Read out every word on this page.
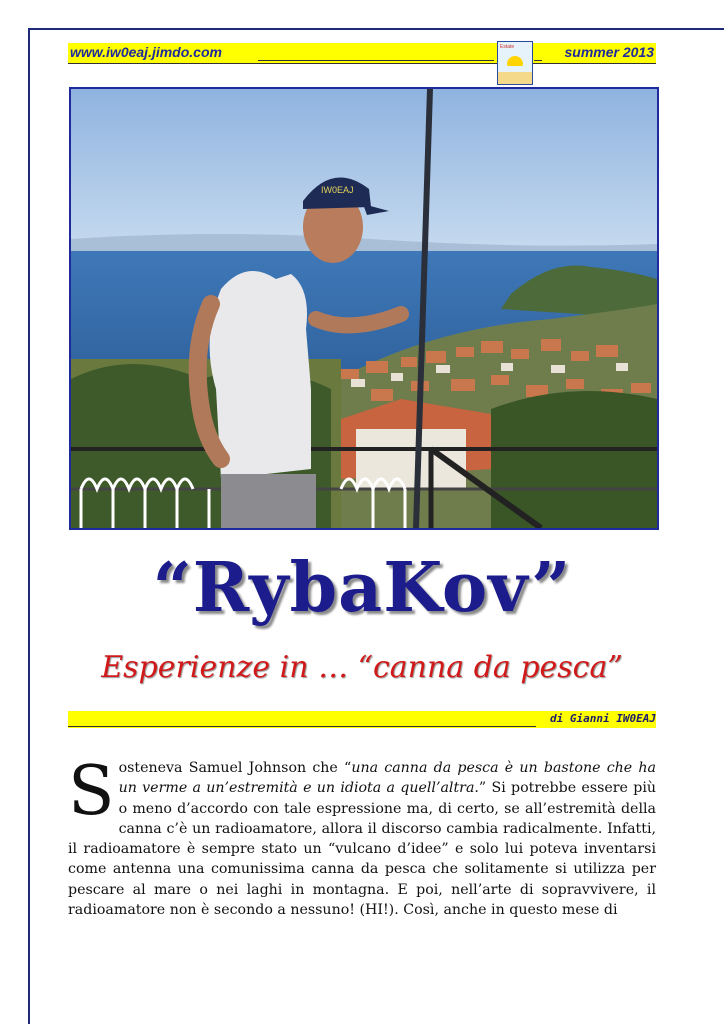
www.iw0eaj.jimdo.com	summer 2013
Estate
IW0EAJ
“RybaKov”
Esperienze in … “canna da pesca”
di Gianni IW0EAJ
Sosteneva Samuel Johnson che “una canna da pesca è un bastone che ha un verme a un’estremità e un idiota a quell’altra.” Si potrebbe essere più o meno d’accordo con tale espressione ma, di certo, se all’estremità della canna c’è un radioamatore, allora il discorso cambia radicalmente. Infatti, il radioamatore è sempre stato un “vulcano d’idee” e solo lui poteva inventarsi come antenna una comunissima canna da pesca che solitamente si utilizza per pescare al mare o nei laghi in montagna. E poi, nell’arte di sopravvivere, il radioamatore non è secondo a nessuno! (HI!). Così, anche in questo mese di
